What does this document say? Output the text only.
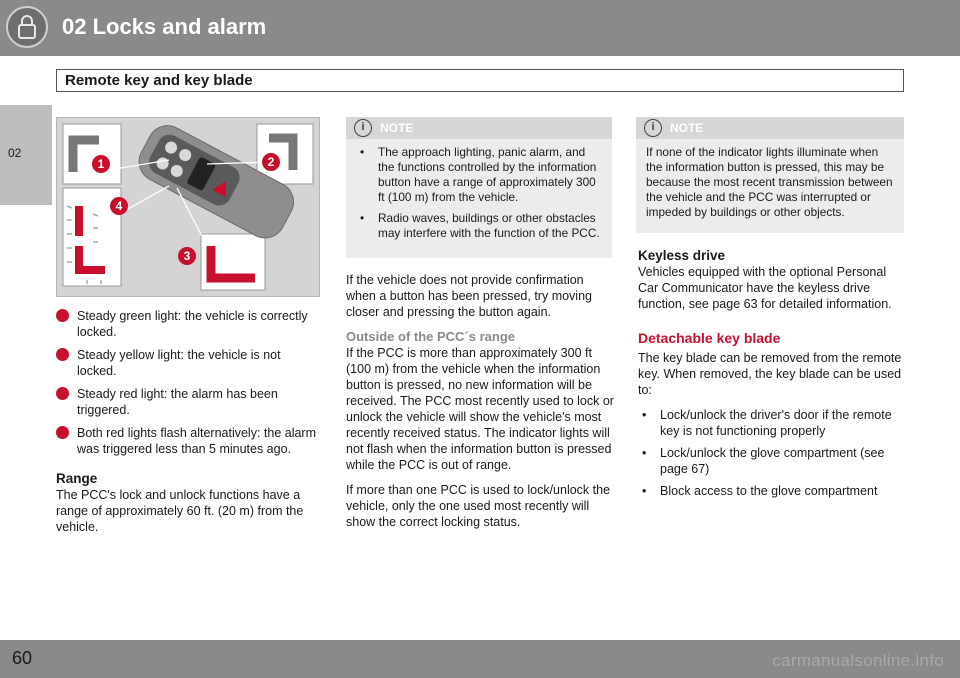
02 Locks and alarm
Remote key and key blade
02
1	2
3
4
Steady green light: the vehicle is correctly locked.
Steady yellow light: the vehicle is not locked.
Steady red light: the alarm has been triggered.
Both red lights flash alternatively: the alarm was triggered less than 5 minutes ago.
Range

The PCC's lock and unlock functions have a range of approximately 60 ft. (20 m) from the vehicle.

i	NOTE
• The approach lighting, panic alarm, and the functions controlled by the information button have a range of approximately 300 ft (100 m) from the vehicle.
• Radio waves, buildings or other obstacles may interfere with the function of the PCC.

If the vehicle does not provide confirmation when a button has been pressed, try moving closer and pressing the button again.

Outside of the PCC´s range

If the PCC is more than approximately 300 ft (100 m) from the vehicle when the information button is pressed, no new information will be received. The PCC most recently used to lock or unlock the vehicle will show the vehicle's most recently received status. The indicator lights will not flash when the information button is pressed while the PCC is out of range.

If more than one PCC is used to lock/unlock the vehicle, only the one used most recently will show the correct locking status.

i	NOTE
If none of the indicator lights illuminate when the information button is pressed, this may be because the most recent transmission between the vehicle and the PCC was interrupted or impeded by buildings or other objects.
Keyless drive

Vehicles equipped with the optional Personal Car Communicator have the keyless drive function, see page 63 for detailed information.

Detachable key blade

The key blade can be removed from the remote key. When removed, the key blade can be used to:

• Lock/unlock the driver's door if the remote key is not functioning properly
• Lock/unlock the glove compartment (see page 67)
• Block access to the glove compartment
60	carmanualsonline.info
